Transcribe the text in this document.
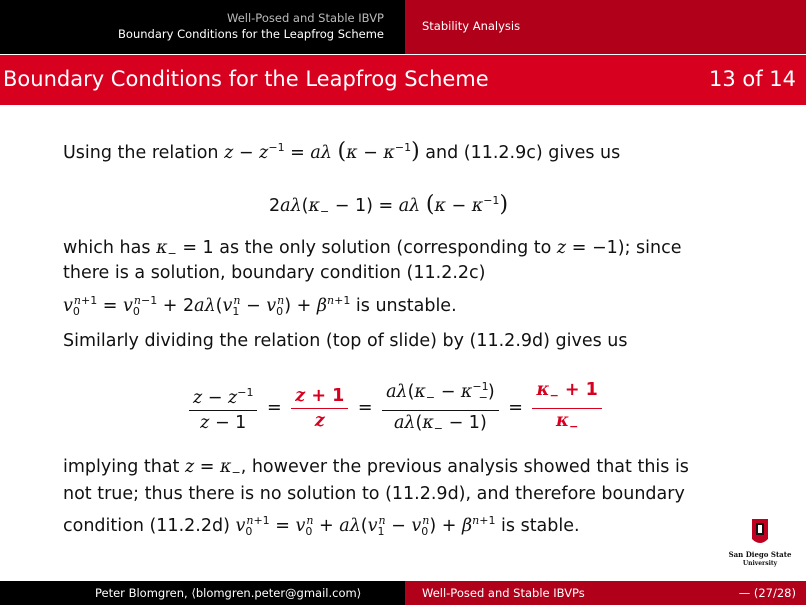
Well-Posed and Stable IBVP
Boundary Conditions for the Leapfrog Scheme
Stability Analysis
Boundary Conditions for the Leapfrog Scheme	13 of 14
Using the relation $z - z^{-1} = a\lambda$ $(\kappa - \kappa^{-1})$ and (11.2.9c) gives us
$2a\lambda(\kappa_- - 1) = a\lambda$ $(\kappa - \kappa^{-1})$
which has $\kappa_- = 1$ as the only solution (corresponding to z = −1); since
there is a solution, boundary condition (11.2.2c)
$v_0^{n+1} = v_0^{n-1} + 2a\lambda(v_1^n - v_0^n) + \beta^{n+1}$ is unstable.
Similarly dividing the relation (top of slide) by (11.2.9d) gives us
$\frac{z - z^{-1}}{z - 1} = \frac{z + 1}{z} = \frac{a\lambda(\kappa_- - \kappa^{-1}_-)}{a\lambda(\kappa_- - 1)} = \frac{\kappa_- + 1}{\kappa_-}$
implying that $z = \kappa_-$, however the previous analysis showed that this is
not true; thus there is no solution to (11.2.9d), and therefore boundary
condition (11.2.2d) $v_0^{n+1} = v_0^n + a\lambda(v_1^n - v_0^n) + \beta^{n+1}$ is stable.
San Diego State
University
Peter Blomgren, ⟨blomgren.peter@gmail.com⟩	Well-Posed and Stable IBVPs	— (27/28)
